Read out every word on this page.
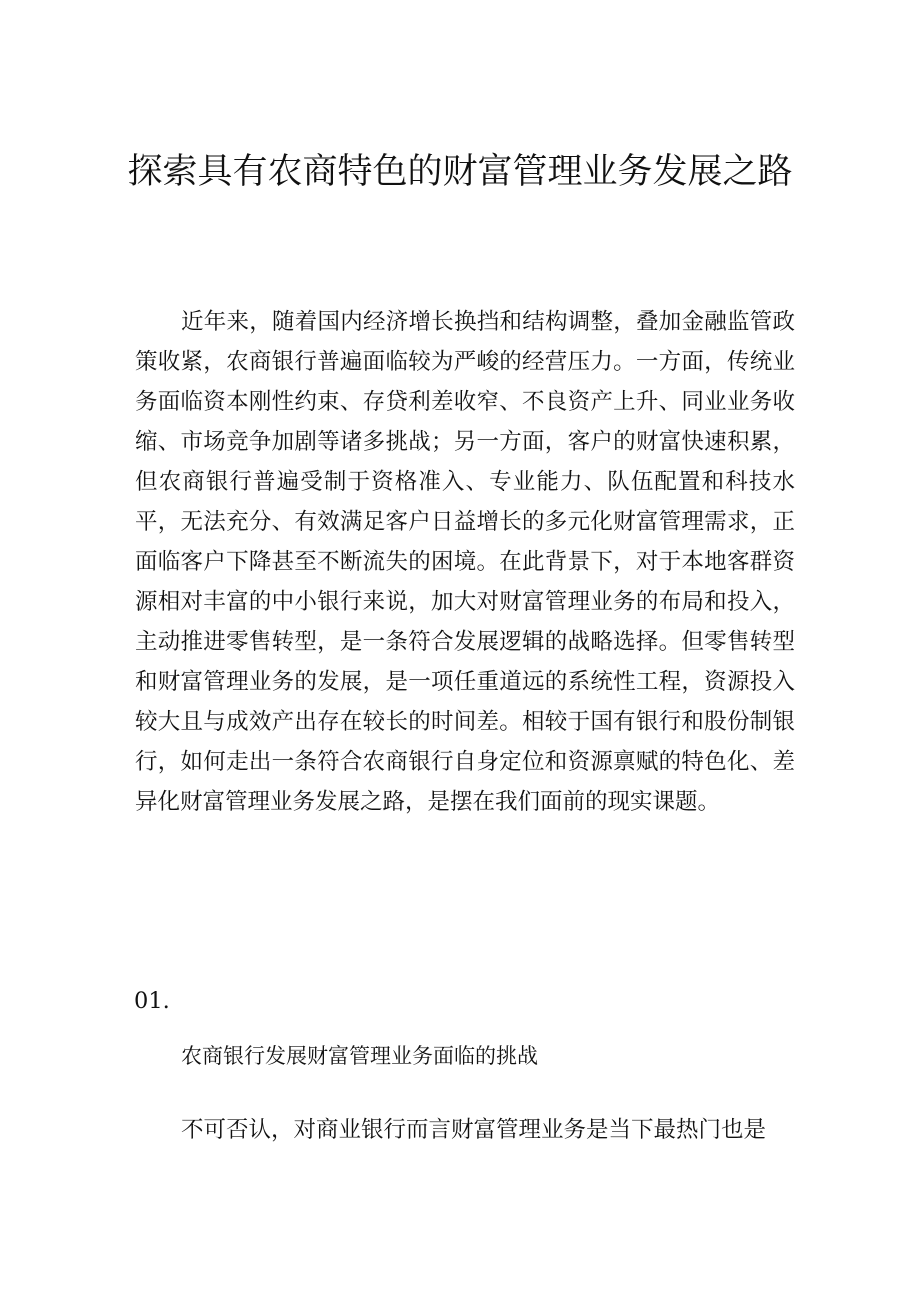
探索具有农商特色的财富管理业务发展之路

近年来，随着国内经济增长换挡和结构调整，叠加金融监管政策收紧，农商银行普遍面临较为严峻的经营压力。一方面，传统业务面临资本刚性约束、存贷利差收窄、不良资产上升、同业业务收缩、市场竞争加剧等诸多挑战；另一方面，客户的财富快速积累，但农商银行普遍受制于资格准入、专业能力、队伍配置和科技水平，无法充分、有效满足客户日益增长的多元化财富管理需求，正面临客户下降甚至不断流失的困境。在此背景下，对于本地客群资源相对丰富的中小银行来说，加大对财富管理业务的布局和投入，主动推进零售转型，是一条符合发展逻辑的战略选择。但零售转型和财富管理业务的发展，是一项任重道远的系统性工程，资源投入较大且与成效产出存在较长的时间差。相较于国有银行和股份制银行，如何走出一条符合农商银行自身定位和资源禀赋的特色化、差异化财富管理业务发展之路，是摆在我们面前的现实课题。

01.

农商银行发展财富管理业务面临的挑战

不可否认，对商业银行而言财富管理业务是当下最热门也是
